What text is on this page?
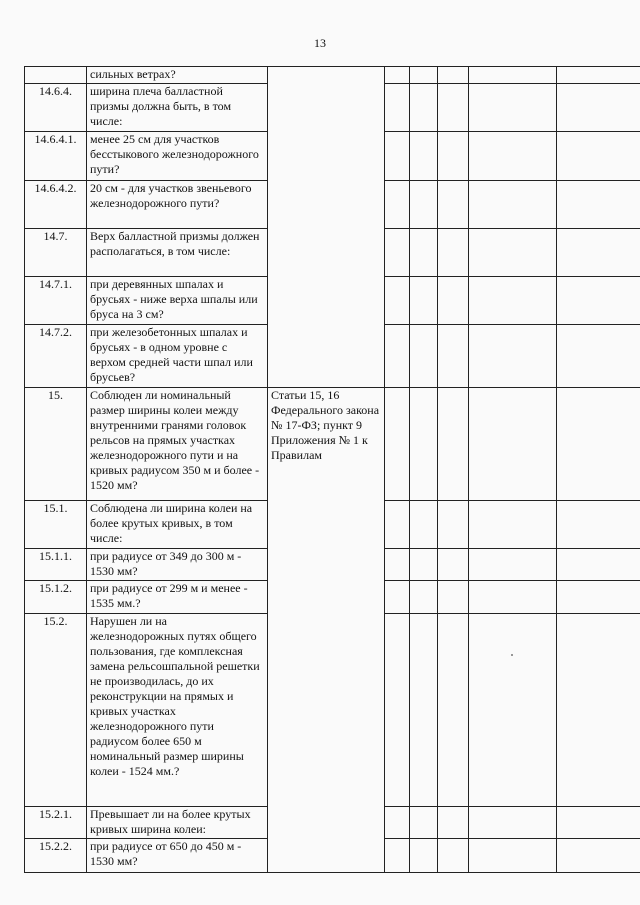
13
	сильных ветрах?						
14.6.4.	ширина плеча балластной призмы должна быть, в том числе:						
14.6.4.1.	менее 25 см для участков бесстыкового железнодорожного пути?						
14.6.4.2.	20 см - для участков звеньевого железнодорожного пути?						
14.7.	Верх балластной призмы должен располагаться, в том числе:						
14.7.1.	при деревянных шпалах и брусьях - ниже верха шпалы или бруса на 3 см?						
14.7.2.	при железобетонных шпалах и брусьях - в одном уровне с верхом средней части шпал или брусьев?						
15.	Соблюден ли номинальный размер ширины колеи между внутренними гранями головок рельсов на прямых участках железнодорожного пути и на кривых радиусом 350 м и более - 1520 мм?	Статьи 15, 16 Федерального закона № 17-ФЗ; пункт 9 Приложения № 1 к Правилам					
15.1.	Соблюдена ли ширина колеи на более крутых кривых, в том числе:						
15.1.1.	при радиусе от 349 до 300 м - 1530 мм?						
15.1.2.	при радиусе от 299 м и менее - 1535 мм.?						
15.2.	Нарушен ли на железнодорожных путях общего пользования, где комплексная замена рельсошпальной решетки не производилась, до их реконструкции на прямых и кривых участках железнодорожного пути радиусом более 650 м номинальный размер ширины колеи - 1524 мм.?						
15.2.1.	Превышает ли на более крутых кривых ширина колеи:						
15.2.2.	при радиусе от 650 до 450 м - 1530 мм?						
